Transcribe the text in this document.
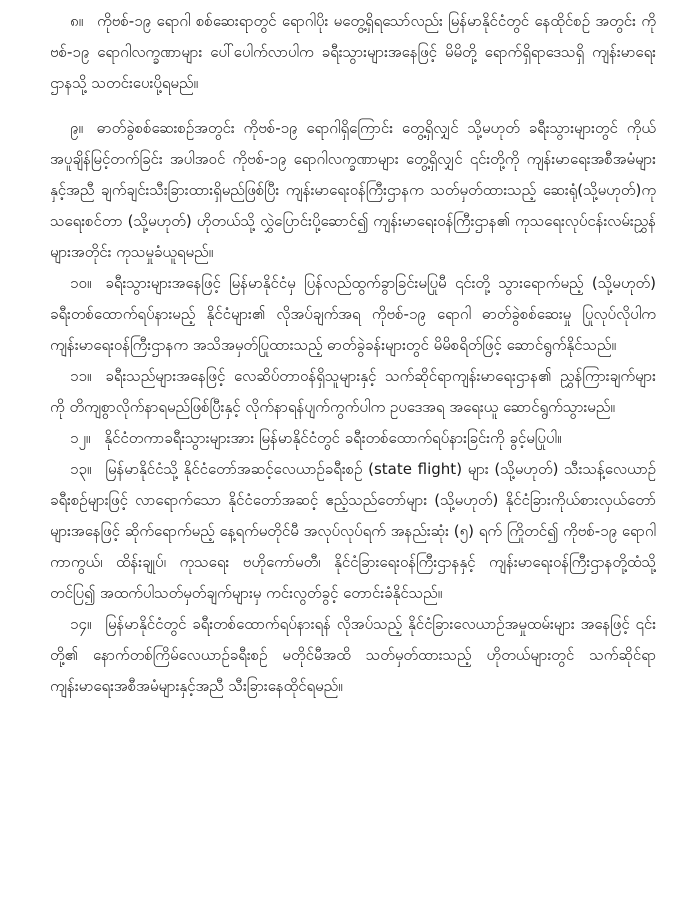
၈။ ကိုဗစ်-၁၉ ရောဂါ စစ်ဆေးရာတွင် ရောဂါပိုး မတွေ့ရှိရသော်လည်း မြန်မာနိုင်ငံတွင် နေထိုင်စဉ် အတွင်း ကိုဗစ်-၁၉ ရောဂါလက္ခဏာများ ပေါ်ပေါက်လာပါက ခရီးသွားများအနေဖြင့် မိမိတို့ ရောက်ရှိရာဒေသရှိ ကျန်းမာရေးဌာနသို့ သတင်းပေးပို့ရမည်။

၉။ ဓာတ်ခွဲစစ်ဆေးစဉ်အတွင်း ကိုဗစ်-၁၉ ရောဂါရှိကြောင်း တွေ့ရှိလျှင် သို့မဟုတ် ခရီးသွားများတွင် ကိုယ်အပူချိန်မြင့်တက်ခြင်း အပါအဝင် ကိုဗစ်-၁၉ ရောဂါလက္ခဏာများ တွေ့ရှိလျှင် ၎င်းတို့ကို ကျန်းမာရေးအစီအမံများနှင့်အညီ ချက်ချင်းသီးခြားထားရှိမည်ဖြစ်ပြီး ကျန်းမာရေးဝန်ကြီးဌာနက သတ်မှတ်ထားသည့် ဆေးရုံ(သို့မဟုတ်)ကုသရေးစင်တာ (သို့မဟုတ်) ဟိုတယ်သို့ လွှဲပြောင်းပို့ဆောင်၍ ကျန်းမာရေးဝန်ကြီးဌာန၏ ကုသရေးလုပ်ငန်းလမ်းညွှန်များအတိုင်း ကုသမှုခံယူရမည်။

၁၀။ ခရီးသွားများအနေဖြင့် မြန်မာနိုင်ငံမှ ပြန်လည်ထွက်ခွာခြင်းမပြုမီ ၎င်းတို့ သွားရောက်မည့် (သို့မဟုတ်) ခရီးတစ်ထောက်ရပ်နားမည့် နိုင်ငံများ၏ လိုအပ်ချက်အရ ကိုဗစ်-၁၉ ရောဂါ ဓာတ်ခွဲစစ်ဆေးမှု ပြုလုပ်လိုပါက ကျန်းမာရေးဝန်ကြီးဌာနက အသိအမှတ်ပြုထားသည့် ဓာတ်ခွဲခန်းများတွင် မိမိစရိတ်ဖြင့် ဆောင်ရွက်နိုင်သည်။

၁၁။ ခရီးသည်များအနေဖြင့် လေဆိပ်တာဝန်ရှိသူများနှင့် သက်ဆိုင်ရာကျန်းမာရေးဌာန၏ ညွှန်ကြားချက်များကို တိကျစွာလိုက်နာရမည်ဖြစ်ပြီးနှင့် လိုက်နာရန်ပျက်ကွက်ပါက ဥပဒေအရ အရေးယူ ဆောင်ရွက်သွားမည်။

၁၂။ နိုင်ငံတကာခရီးသွားများအား မြန်မာနိုင်ငံတွင် ခရီးတစ်ထောက်ရပ်နားခြင်းကို ခွင့်မပြုပါ။

၁၃။ မြန်မာနိုင်ငံသို့ နိုင်ငံတော်အဆင့်လေယာဉ်ခရီးစဉ် (state flight) များ (သို့မဟုတ်) သီးသန့်လေယာဉ်ခရီးစဉ်များဖြင့် လာရောက်သော နိုင်ငံတော်အဆင့် ဧည့်သည်တော်များ (သို့မဟုတ်) နိုင်ငံခြားကိုယ်စားလှယ်တော်များအနေဖြင့် ဆိုက်ရောက်မည့် နေ့ရက်မတိုင်မီ အလုပ်လုပ်ရက် အနည်းဆုံး (၅) ရက် ကြိုတင်၍ ကိုဗစ်-၁၉ ရောဂါ ကာကွယ်၊ ထိန်းချုပ်၊ ကုသရေး ဗဟိုကော်မတီ၊ နိုင်ငံခြားရေးဝန်ကြီးဌာနနှင့် ကျန်းမာရေးဝန်ကြီးဌာနတို့ထံသို့ တင်ပြ၍ အထက်ပါသတ်မှတ်ချက်များမှ ကင်းလွတ်ခွင့် တောင်းခံနိုင်သည်။

၁၄။ မြန်မာနိုင်ငံတွင် ခရီးတစ်ထောက်ရပ်နားရန် လိုအပ်သည့် နိုင်ငံခြားလေယာဉ်အမှုထမ်းများ အနေဖြင့် ၎င်းတို့၏ နောက်တစ်ကြိမ်လေယာဉ်ခရီးစဉ် မတိုင်မီအထိ သတ်မှတ်ထားသည့် ဟိုတယ်များတွင် သက်ဆိုင်ရာကျန်းမာရေးအစီအမံများနှင့်အညီ သီးခြားနေထိုင်ရမည်။
